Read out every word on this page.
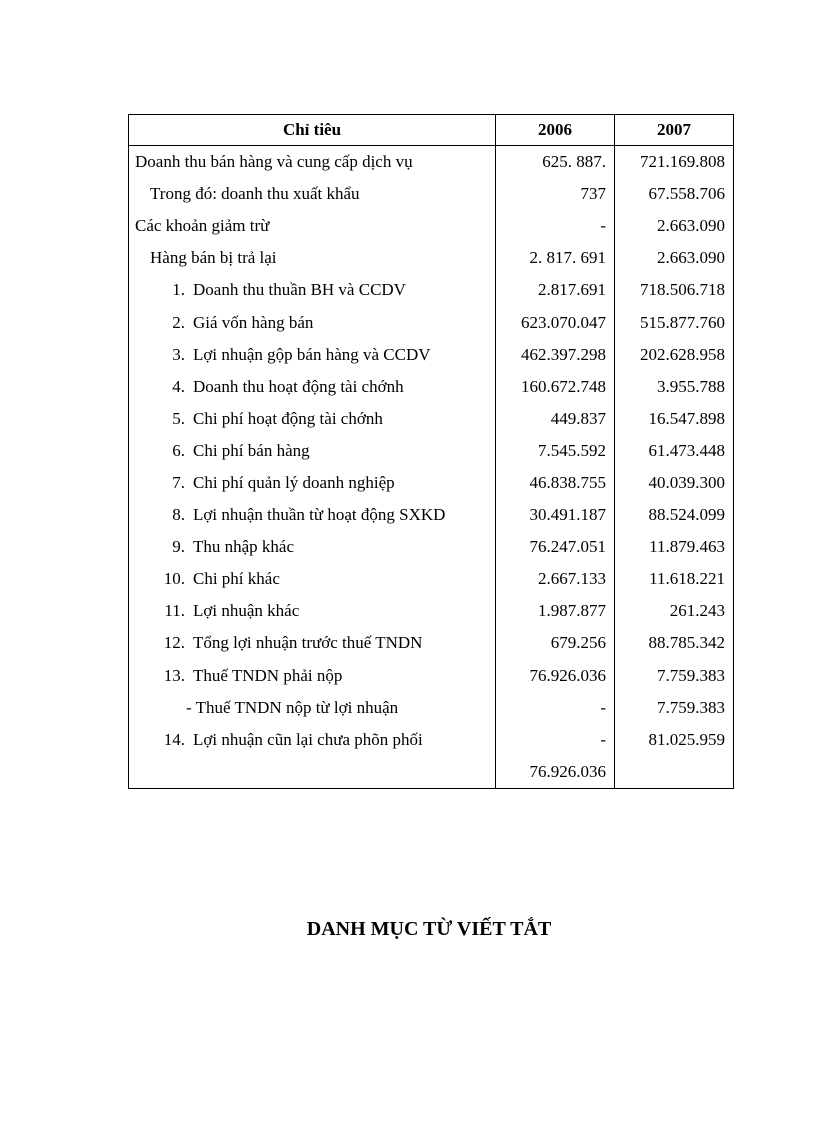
Chỉ tiêu	2006	2007
Doanh thu bán hàng và cung cấp dịch vụ	625. 887.	721.169.808
Trong đó: doanh thu xuất khẩu	737	67.558.706
Các khoản giảm trừ	-	2.663.090
Hàng bán bị trả lại	2. 817. 691	2.663.090
1. Doanh thu thuần BH và CCDV	2.817.691	718.506.718
2. Giá vốn hàng bán	623.070.047	515.877.760
3. Lợi nhuận gộp bán hàng và CCDV	462.397.298	202.628.958
4. Doanh thu hoạt động tài chớnh	160.672.748	3.955.788
5. Chi phí hoạt động tài chớnh	449.837	16.547.898
6. Chi phí bán hàng	7.545.592	61.473.448
7. Chi phí quản lý doanh nghiệp	46.838.755	40.039.300
8. Lợi nhuận thuần từ hoạt động SXKD	30.491.187	88.524.099
9. Thu nhập khác	76.247.051	11.879.463
10. Chi phí khác	2.667.133	11.618.221
11. Lợi nhuận khác	1.987.877	261.243
12. Tổng lợi nhuận trước thuế TNDN	679.256	88.785.342
13. Thuế TNDN phải nộp	76.926.036	7.759.383
- Thuế TNDN nộp từ lợi nhuận	-	7.759.383
14. Lợi nhuận cũn lại chưa phõn phối	-	81.025.959
	76.926.036	
DANH MỤC TỪ VIẾT TẮT
